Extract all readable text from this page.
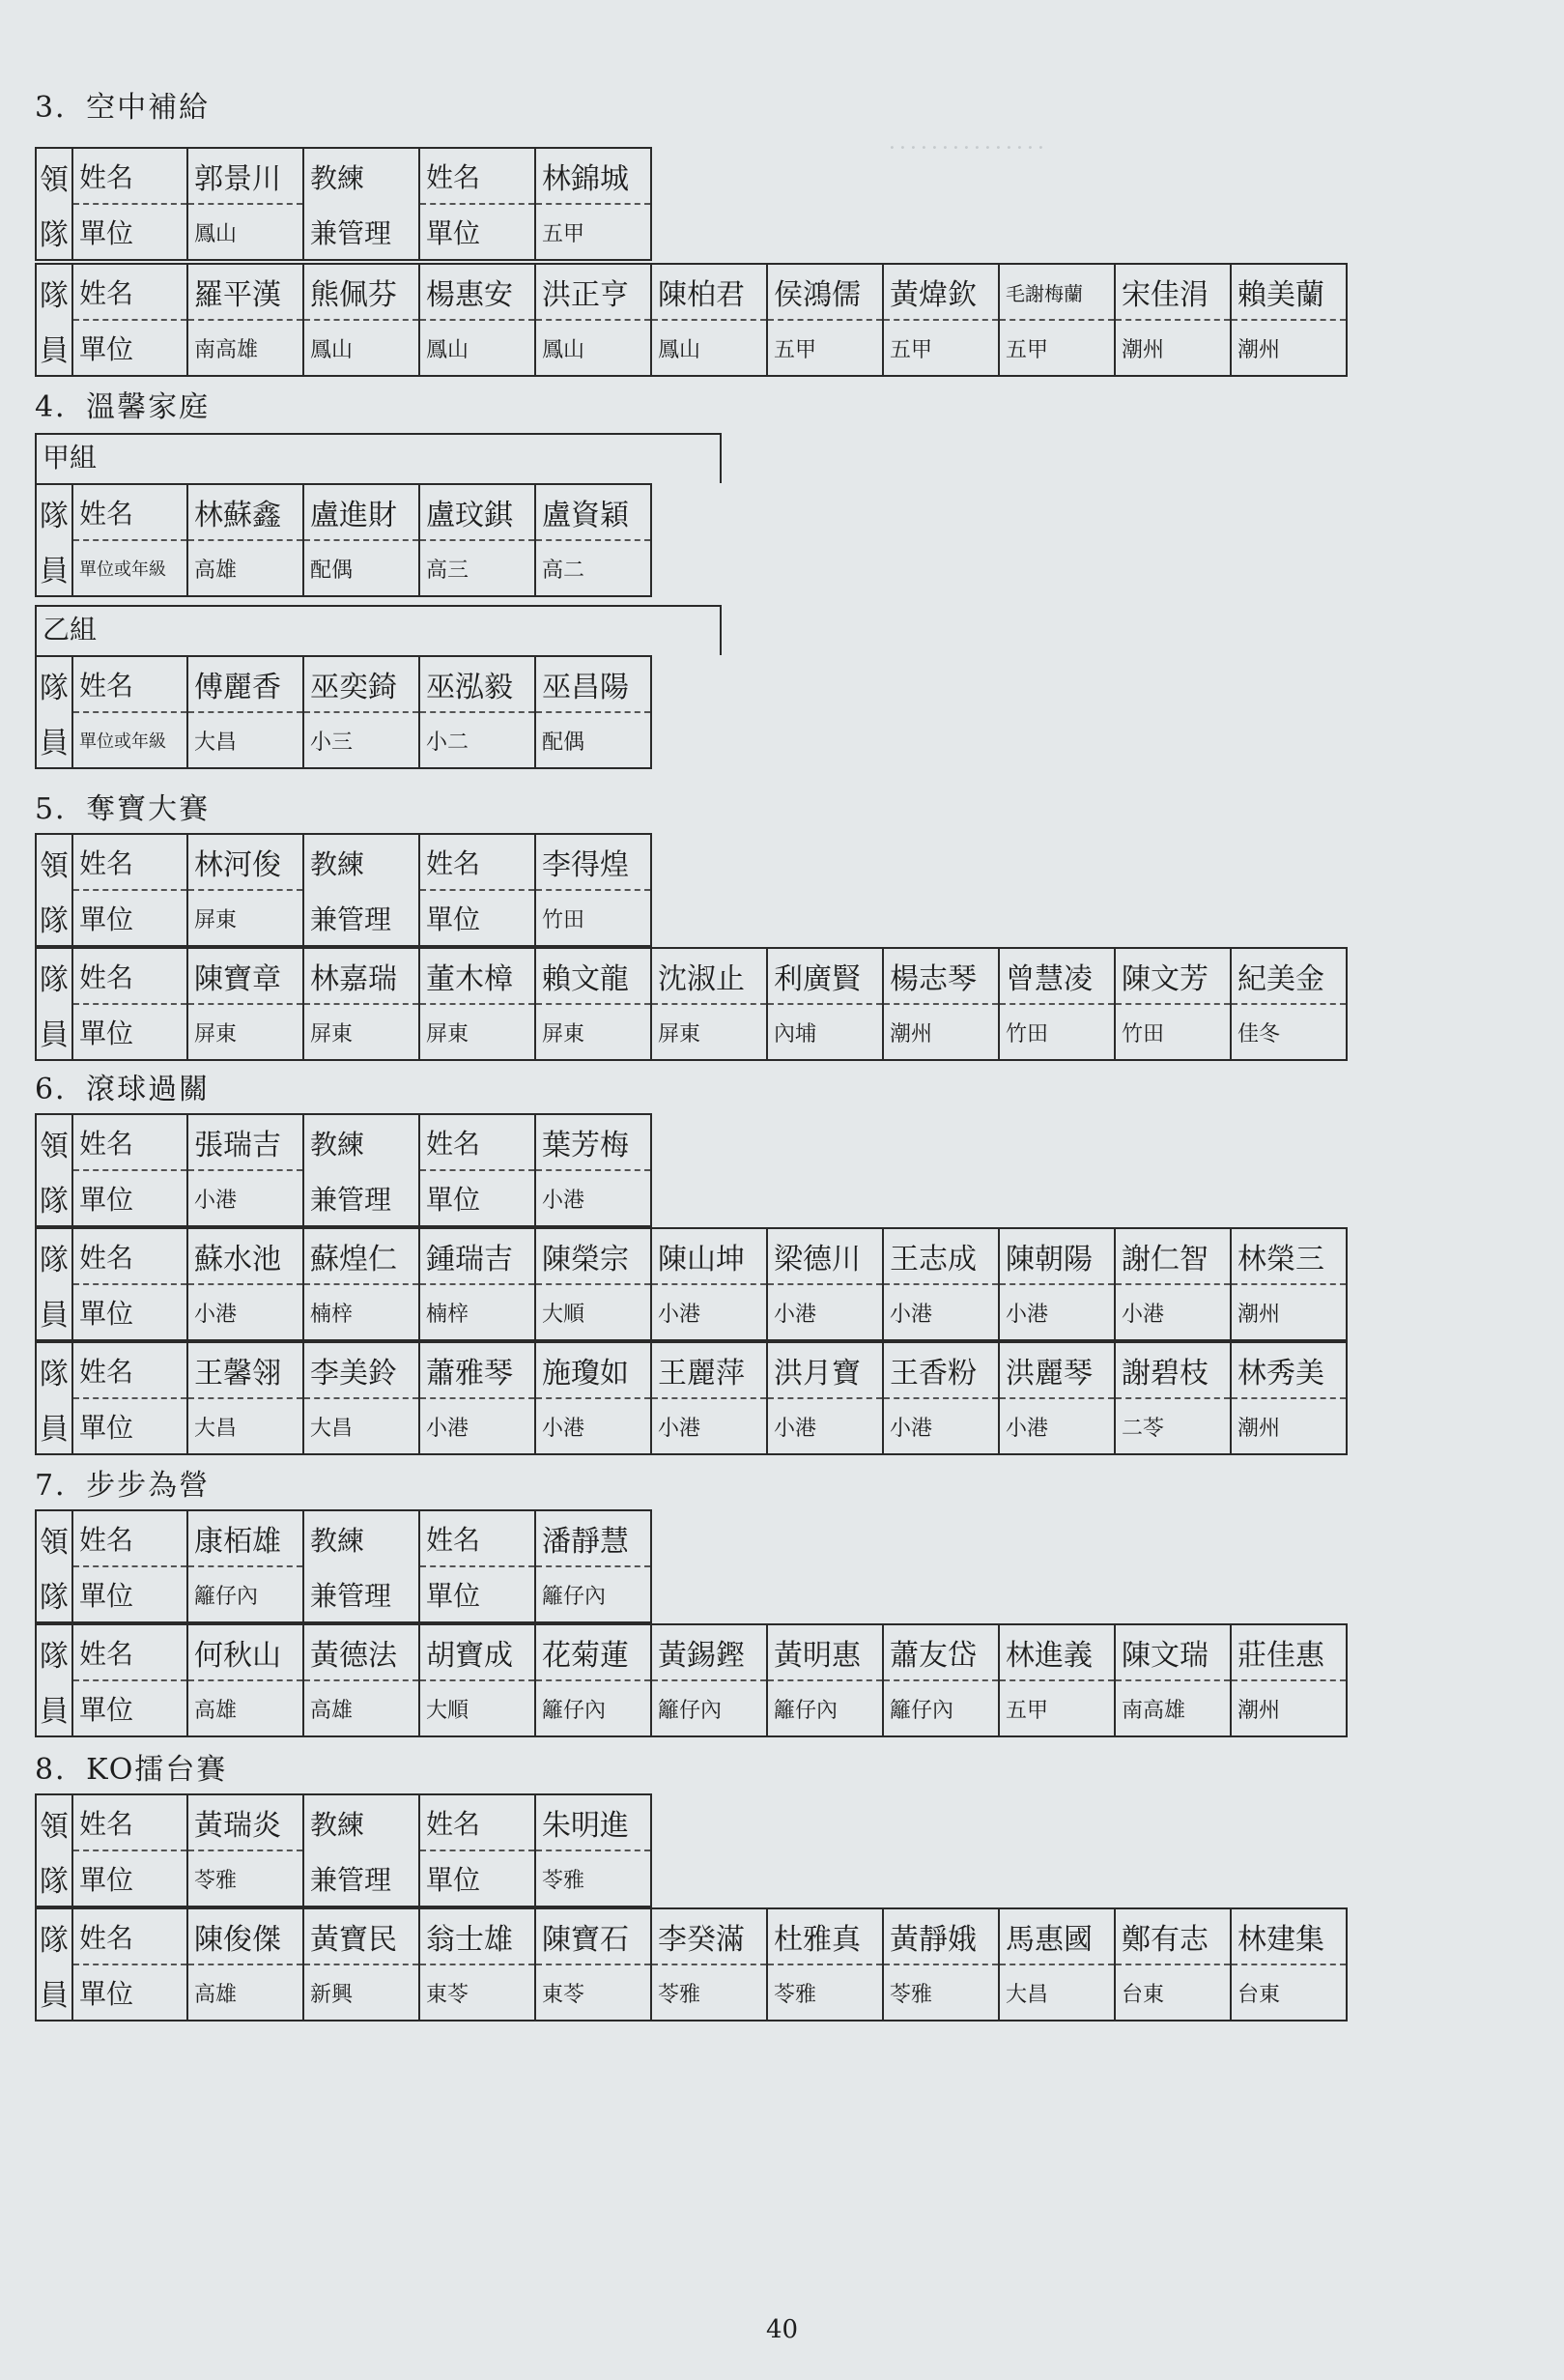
．．．．．．．．．．．．．．．
3．空中補給
領	姓名	郭景川	教練	姓名	林錦城
隊	單位	鳳山	兼管理	單位	五甲
隊	姓名	羅平漢	熊佩芬	楊惠安	洪正亨	陳柏君	侯鴻儒	黃煒欽	毛謝梅蘭	宋佳涓	賴美蘭
員	單位	南高雄	鳳山	鳳山	鳳山	鳳山	五甲	五甲	五甲	潮州	潮州
4．溫馨家庭
甲組
隊	姓名	林蘇鑫	盧進財	盧玟錤	盧資穎
員	單位或年級	高雄	配偶	高三	高二
乙組
隊	姓名	傅麗香	巫奕錡	巫泓毅	巫昌陽
員	單位或年級	大昌	小三	小二	配偶
5．奪寶大賽
領	姓名	林河俊	教練	姓名	李得煌
隊	單位	屏東	兼管理	單位	竹田
隊	姓名	陳寶章	林嘉瑞	董木樟	賴文龍	沈淑止	利廣賢	楊志琴	曾慧凌	陳文芳	紀美金
員	單位	屏東	屏東	屏東	屏東	屏東	內埔	潮州	竹田	竹田	佳冬
6．滾球過關
領	姓名	張瑞吉	教練	姓名	葉芳梅
隊	單位	小港	兼管理	單位	小港
隊	姓名	蘇水池	蘇煌仁	鍾瑞吉	陳榮宗	陳山坤	梁德川	王志成	陳朝陽	謝仁智	林榮三
員	單位	小港	楠梓	楠梓	大順	小港	小港	小港	小港	小港	潮州
隊	姓名	王馨翎	李美鈴	蕭雅琴	施瓊如	王麗萍	洪月寶	王香粉	洪麗琴	謝碧枝	林秀美
員	單位	大昌	大昌	小港	小港	小港	小港	小港	小港	二苓	潮州
7．步步為營
領	姓名	康栢雄	教練	姓名	潘靜慧
隊	單位	籬仔內	兼管理	單位	籬仔內
隊	姓名	何秋山	黃德法	胡寶成	花菊蓮	黃錫鏗	黃明惠	蕭友岱	林進義	陳文瑞	莊佳惠
員	單位	高雄	高雄	大順	籬仔內	籬仔內	籬仔內	籬仔內	五甲	南高雄	潮州
8．KO擂台賽
領	姓名	黃瑞炎	教練	姓名	朱明進
隊	單位	苓雅	兼管理	單位	苓雅
隊	姓名	陳俊傑	黃寶民	翁士雄	陳寶石	李癸滿	杜雅真	黃靜娥	馬惠國	鄭有志	林建集
員	單位	高雄	新興	東苓	東苓	苓雅	苓雅	苓雅	大昌	台東	台東
40
